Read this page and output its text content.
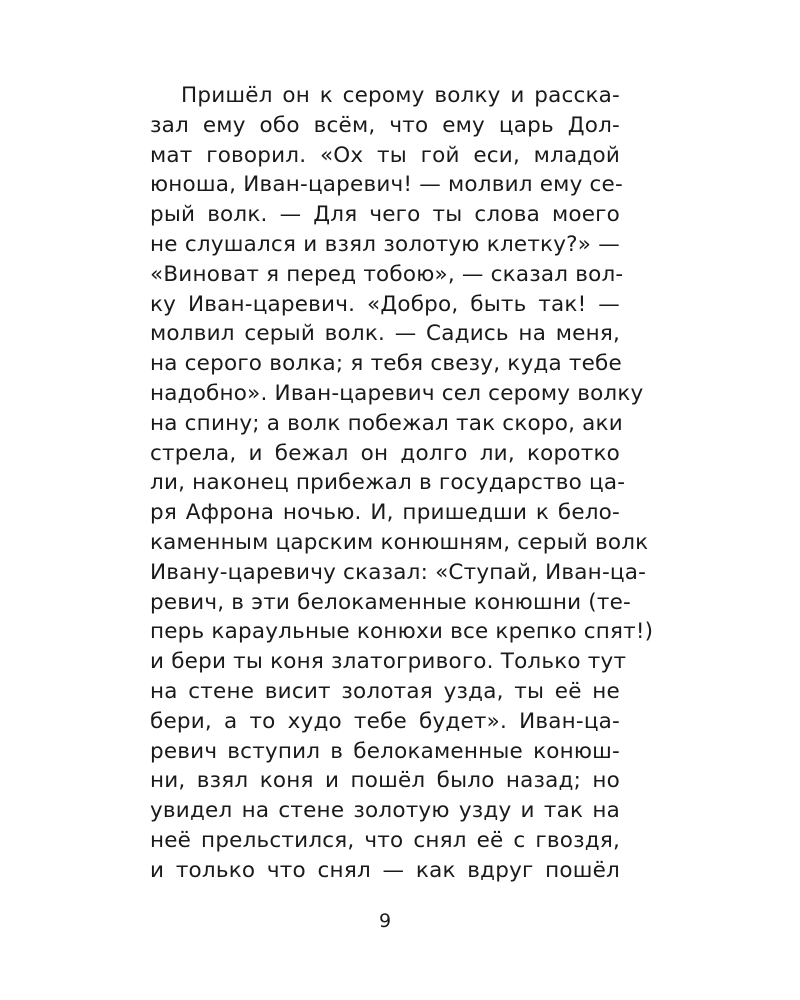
Пришёл он к серому волку и расска-
зал ему обо всём, что ему царь Дол-
мат говорил. «Ох ты гой еси, младой
юноша, Иван-царевич! — молвил ему се-
рый волк. — Для чего ты слова моего
не слушался и взял золотую клетку?» —
«Виноват я перед тобою», — сказал вол-
ку Иван-царевич. «Добро, быть так! —
молвил серый волк. — Садись на меня,
на серого волка; я тебя свезу, куда тебе
надобно». Иван-царевич сел серому волку
на спину; а волк побежал так скоро, аки
стрела, и бежал он долго ли, коротко
ли, наконец прибежал в государство ца-
ря Афрона ночью. И, пришедши к бело-
каменным царским конюшням, серый волк
Ивану-царевичу сказал: «Ступай, Иван-ца-
ревич, в эти белокаменные конюшни (те-
перь караульные конюхи все крепко спят!)
и бери ты коня златогривого. Только тут
на стене висит золотая узда, ты её не
бери, а то худо тебе будет». Иван-ца-
ревич вступил в белокаменные конюш-
ни, взял коня и пошёл было назад; но
увидел на стене золотую узду и так на
неё прельстился, что снял её с гвоздя,
и только что снял — как вдруг пошёл
9
